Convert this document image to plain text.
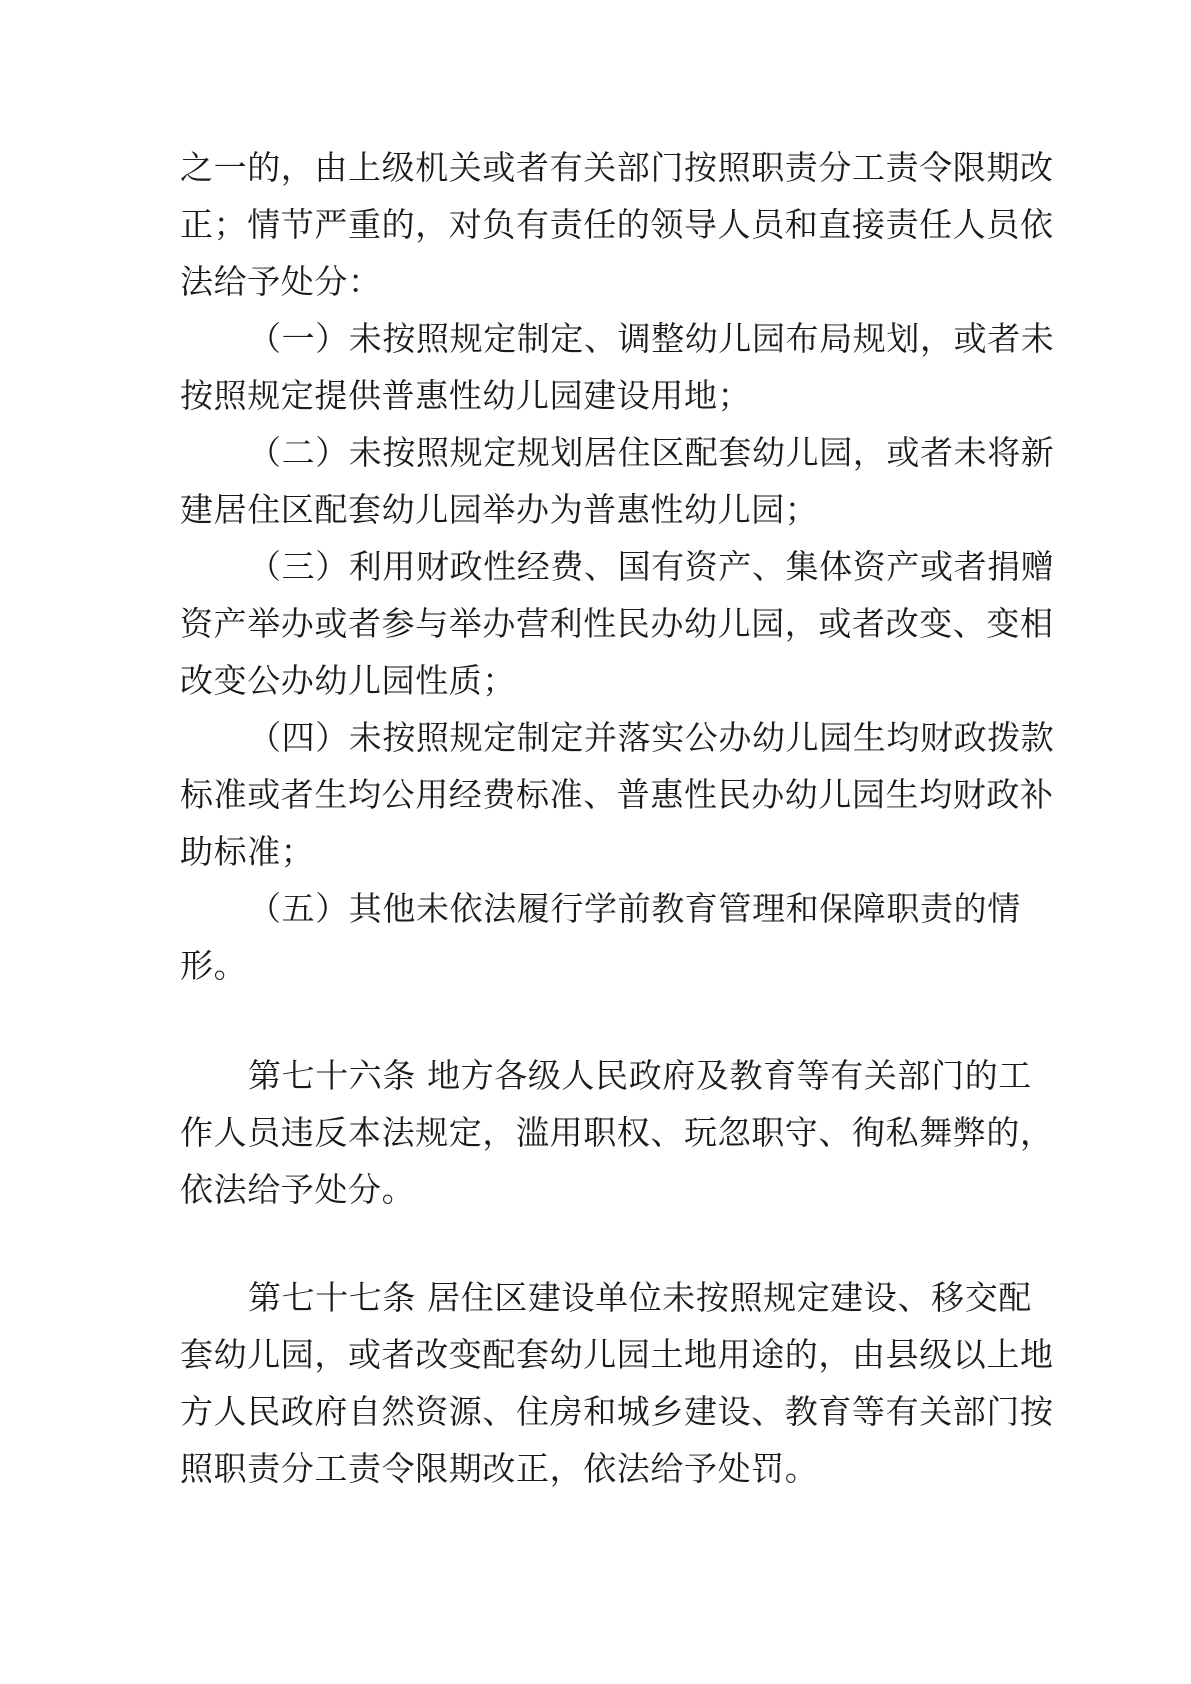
之一的，由上级机关或者有关部门按照职责分工责令限期改

正；情节严重的，对负有责任的领导人员和直接责任人员依

法给予处分：

（一）未按照规定制定、调整幼儿园布局规划，或者未

按照规定提供普惠性幼儿园建设用地；

（二）未按照规定规划居住区配套幼儿园，或者未将新

建居住区配套幼儿园举办为普惠性幼儿园；

（三）利用财政性经费、国有资产、集体资产或者捐赠

资产举办或者参与举办营利性民办幼儿园，或者改变、变相

改变公办幼儿园性质；

（四）未按照规定制定并落实公办幼儿园生均财政拨款

标准或者生均公用经费标准、普惠性民办幼儿园生均财政补

助标准；

（五）其他未依法履行学前教育管理和保障职责的情

形。

第七十六条 地方各级人民政府及教育等有关部门的工

作人员违反本法规定，滥用职权、玩忽职守、徇私舞弊的，

依法给予处分。

第七十七条 居住区建设单位未按照规定建设、移交配

套幼儿园，或者改变配套幼儿园土地用途的，由县级以上地

方人民政府自然资源、住房和城乡建设、教育等有关部门按

照职责分工责令限期改正，依法给予处罚。
